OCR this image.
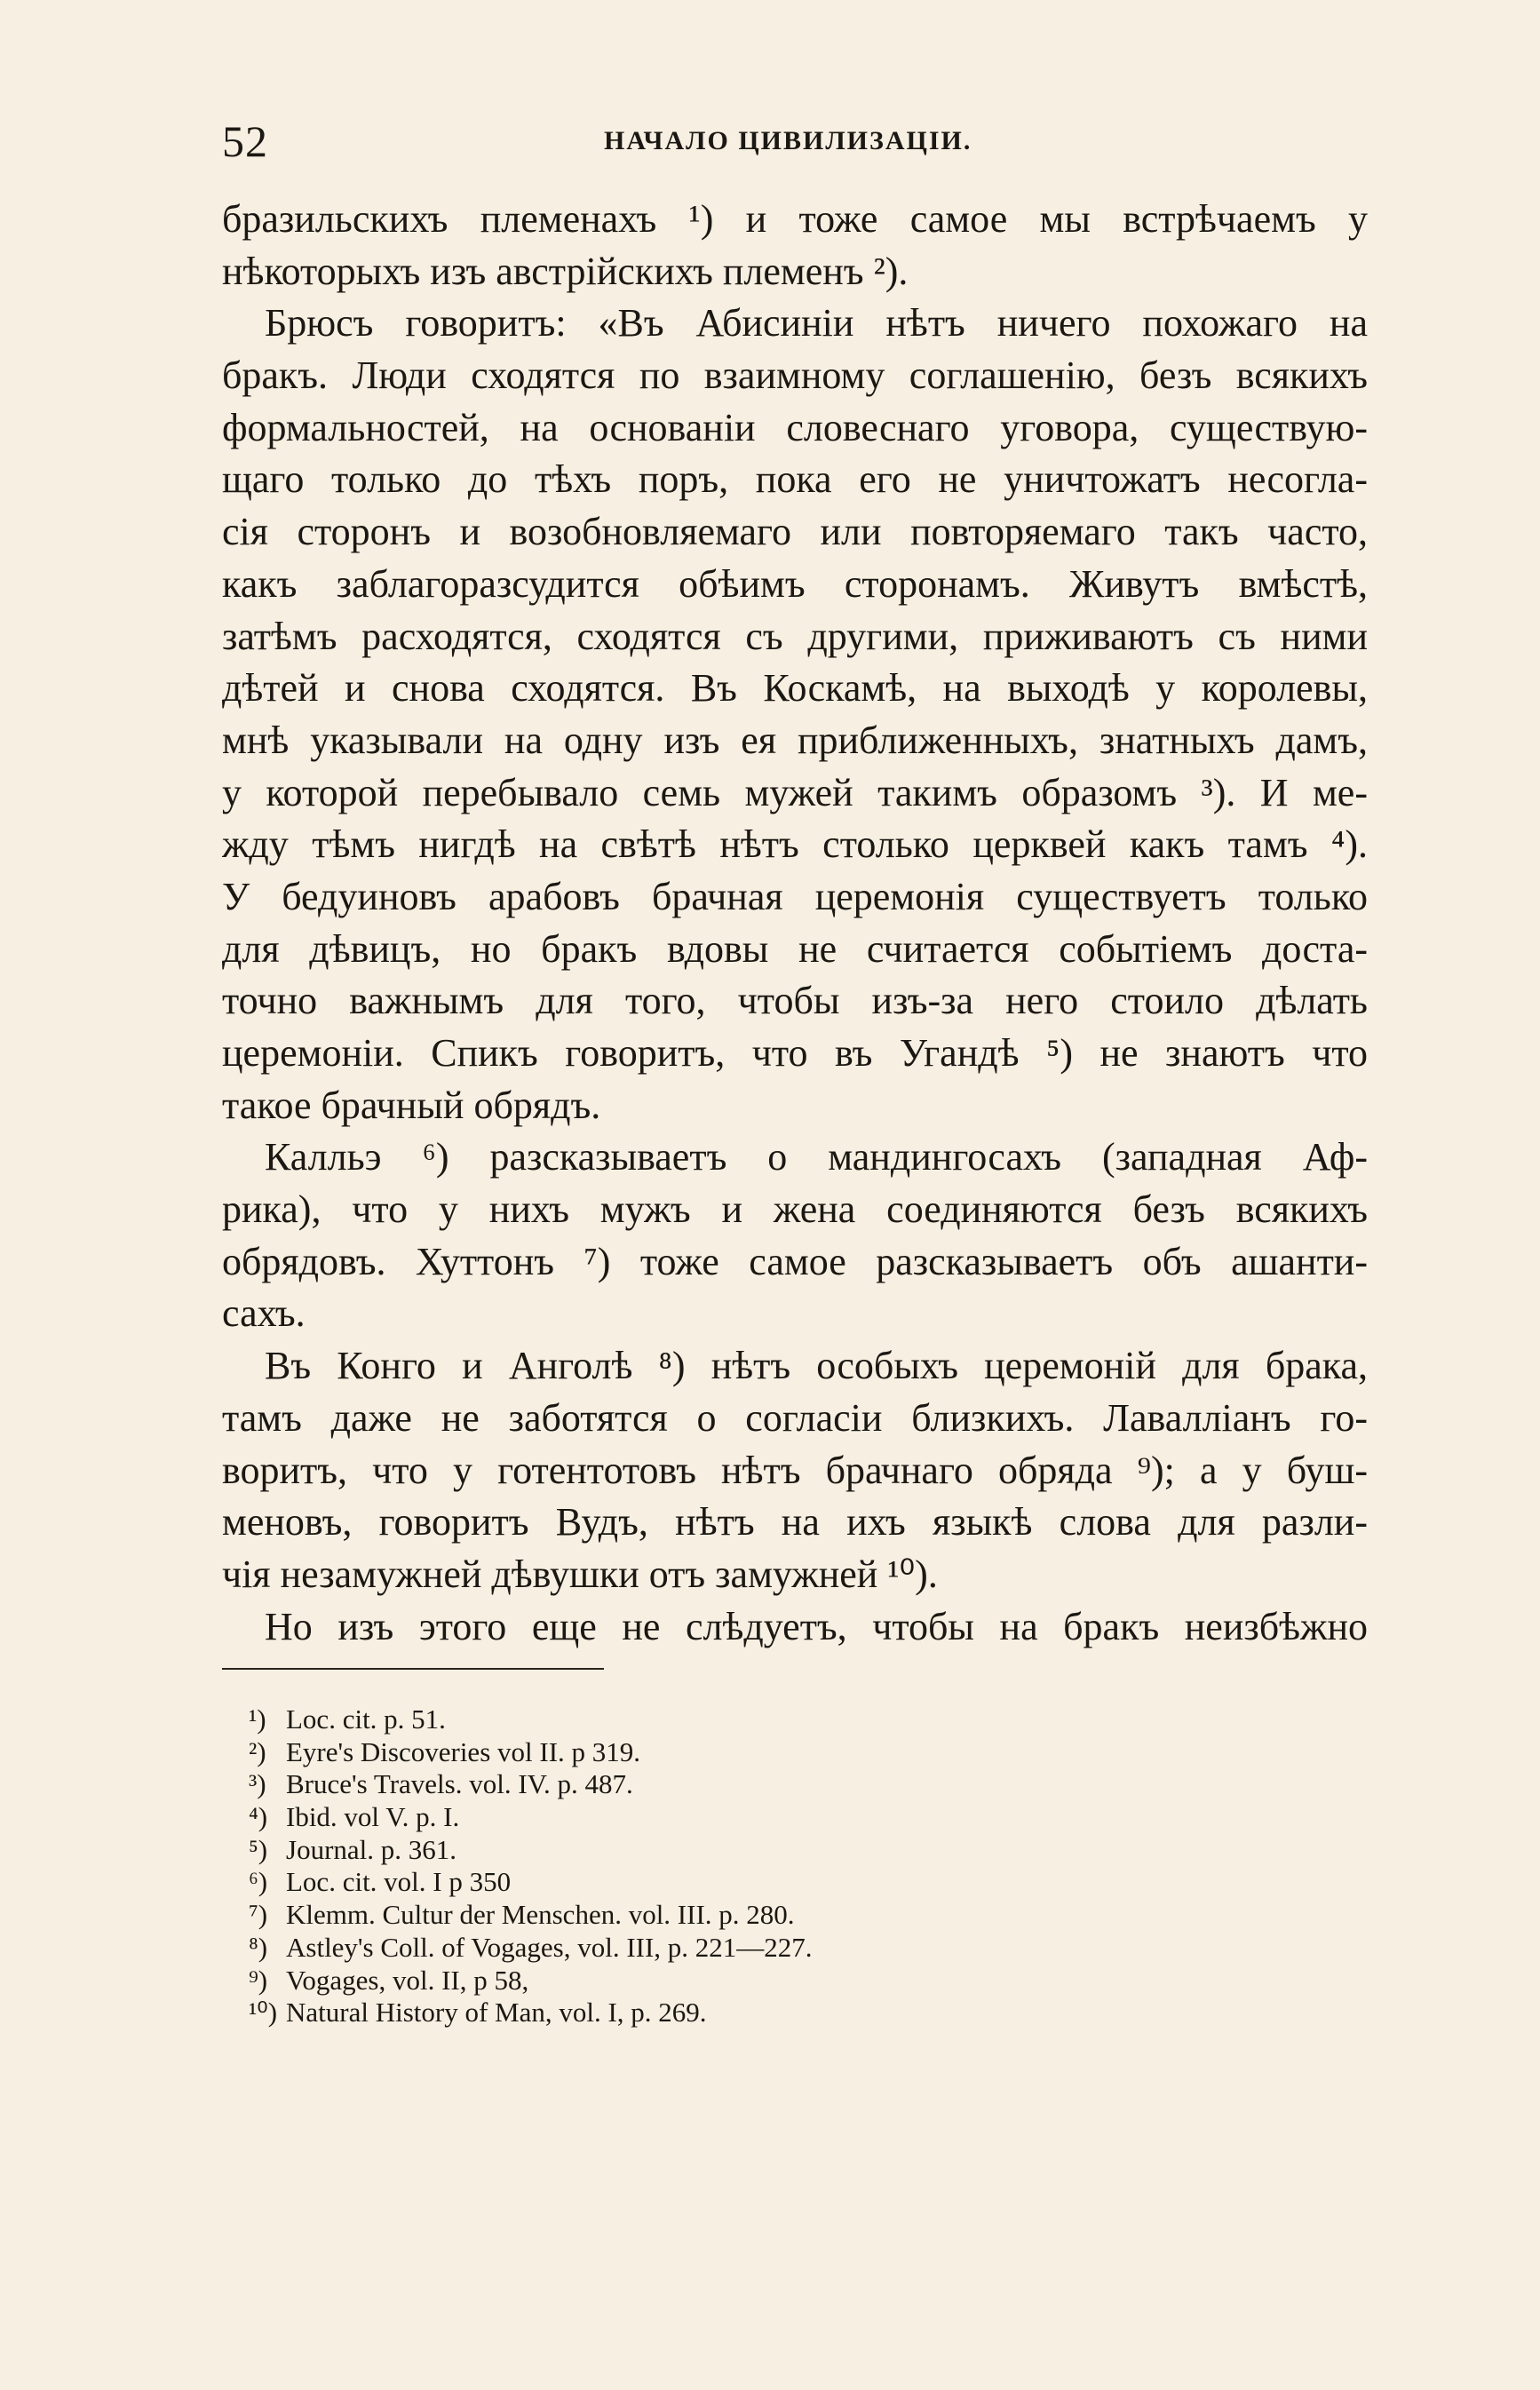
52	НАЧАЛО ЦИВИЛИЗАЦІИ.
бразильскихъ племенахъ ¹) и тоже самое мы встрѣчаемъ у
нѣкоторыхъ изъ австрійскихъ племенъ ²).
Брюсъ говоритъ: «Въ Абисиніи нѣтъ ничего похожаго на
бракъ. Люди сходятся по взаимному соглашенію, безъ всякихъ
формальностей, на основаніи словеснаго уговора, существую-
щаго только до тѣхъ поръ, пока его не уничтожатъ несогла-
сія сторонъ и возобновляемаго или повторяемаго такъ часто,
какъ заблагоразсудится обѣимъ сторонамъ. Живутъ вмѣстѣ,
затѣмъ расходятся, сходятся съ другими, приживаютъ съ ними
дѣтей и снова сходятся. Въ Коскамѣ, на выходѣ у королевы,
мнѣ указывали на одну изъ ея приближенныхъ, знатныхъ дамъ,
у которой перебывало семь мужей такимъ образомъ ³). И ме-
жду тѣмъ нигдѣ на свѣтѣ нѣтъ столько церквей какъ тамъ ⁴).
У бедуиновъ арабовъ брачная церемонія существуетъ только
для дѣвицъ, но бракъ вдовы не считается событіемъ доста-
точно важнымъ для того, чтобы изъ-за него стоило дѣлать
церемоніи. Спикъ говоритъ, что въ Угандѣ ⁵) не знаютъ что
такое брачный обрядъ.
Калльэ ⁶) разсказываетъ о мандингосахъ (западная Аф-
рика), что у нихъ мужъ и жена соединяются безъ всякихъ
обрядовъ. Хуттонъ ⁷) тоже самое разсказываетъ объ ашанти-
сахъ.
Въ Конго и Анголѣ ⁸) нѣтъ особыхъ церемоній для брака,
тамъ даже не заботятся о согласіи близкихъ. Лавалліанъ го-
воритъ, что у готентотовъ нѣтъ брачнаго обряда ⁹); а у буш-
меновъ, говоритъ Вудъ, нѣтъ на ихъ языкѣ слова для разли-
чія незамужней дѣвушки отъ замужней ¹⁰).
Но изъ этого еще не слѣдуетъ, чтобы на бракъ неизбѣжно
¹) Loc. cit. p. 51.
²) Eyre's Discoveries vol II. p 319.
³) Bruce's Travels. vol. IV. p. 487.
⁴) Ibid. vol V. p. I.
⁵) Journal. p. 361.
⁶) Loc. cit. vol. I p 350
⁷) Klemm. Cultur der Menschen. vol. III. p. 280.
⁸) Astley's Coll. of Vogages, vol. III, p. 221—227.
⁹) Vogages, vol. II, p 58,
¹⁰) Natural History of Man, vol. I, p. 269.
